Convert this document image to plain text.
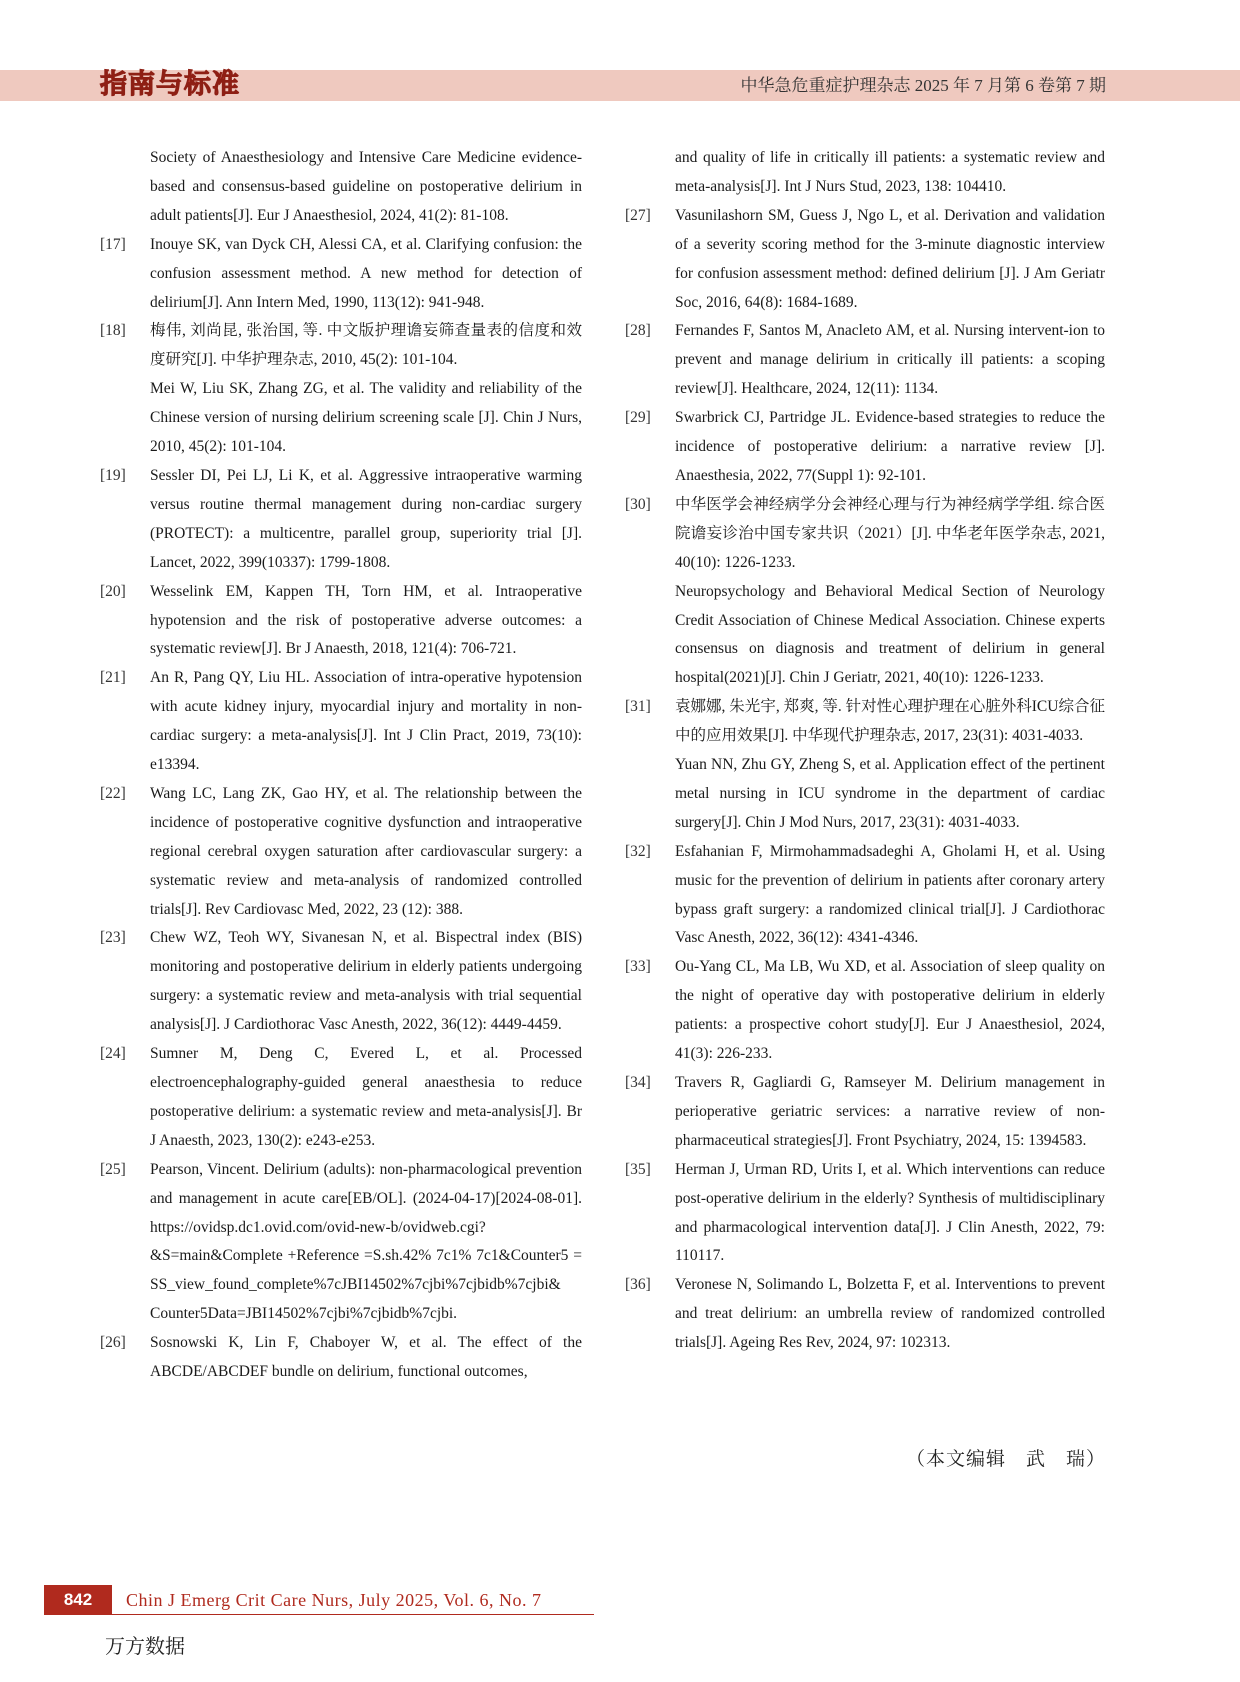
指南与标准	中华急危重症护理杂志 2025 年 7 月第 6 卷第 7 期
Society of Anaesthesiology and Intensive Care Medicine evidence-based and consensus-based guideline on postoperative delirium in adult patients[J]. Eur J Anaesthesiol, 2024, 41(2): 81-108.
[17]	Inouye SK, van Dyck CH, Alessi CA, et al. Clarifying confusion: the confusion assessment method. A new method for detection of delirium[J]. Ann Intern Med, 1990, 113(12): 941-948.
[18]	梅伟, 刘尚昆, 张治国, 等. 中文版护理谵妄筛查量表的信度和效度研究[J]. 中华护理杂志, 2010, 45(2): 101-104.
Mei W, Liu SK, Zhang ZG, et al. The validity and reliability of the Chinese version of nursing delirium screening scale [J]. Chin J Nurs, 2010, 45(2): 101-104.
[19]	Sessler DI, Pei LJ, Li K, et al. Aggressive intraoperative warming versus routine thermal management during non-cardiac surgery (PROTECT): a multicentre, parallel group, superiority trial [J]. Lancet, 2022, 399(10337): 1799-1808.
[20]	Wesselink EM, Kappen TH, Torn HM, et al. Intraoperative hypotension and the risk of postoperative adverse outcomes: a systematic review[J]. Br J Anaesth, 2018, 121(4): 706-721.
[21]	An R, Pang QY, Liu HL. Association of intra-operative hypotension with acute kidney injury, myocardial injury and mortality in non-cardiac surgery: a meta-analysis[J]. Int J Clin Pract, 2019, 73(10): e13394.
[22]	Wang LC, Lang ZK, Gao HY, et al. The relationship between the incidence of postoperative cognitive dysfunction and intraoperative regional cerebral oxygen saturation after cardiovascular surgery: a systematic review and meta-analysis of randomized controlled trials[J]. Rev Cardiovasc Med, 2022, 23 (12): 388.
[23]	Chew WZ, Teoh WY, Sivanesan N, et al. Bispectral index (BIS) monitoring and postoperative delirium in elderly patients undergoing surgery: a systematic review and meta-analysis with trial sequential analysis[J]. J Cardiothorac Vasc Anesth, 2022, 36(12): 4449-4459.
[24]	Sumner M, Deng C, Evered L, et al. Processed electroencephalography-guided general anaesthesia to reduce postoperative delirium: a systematic review and meta-analysis[J]. Br J Anaesth, 2023, 130(2): e243-e253.
[25]	Pearson, Vincent. Delirium (adults): non-pharmacological prevention and management in acute care[EB/OL]. (2024-04-17)[2024-08-01]. https://ovidsp.dc1.ovid.com/ovid-new-b/ovidweb.cgi?&S=main&Complete +Reference =S.sh.42% 7c1% 7c1&Counter5 = SS_view_found_complete%7cJBI14502%7cjbi%7cjbidb%7cjbi& Counter5Data=JBI14502%7cjbi%7cjbidb%7cjbi.
[26]	Sosnowski K, Lin F, Chaboyer W, et al. The effect of the ABCDE/ABCDEF bundle on delirium, functional outcomes,
and quality of life in critically ill patients: a systematic review and meta-analysis[J]. Int J Nurs Stud, 2023, 138: 104410.
[27]	Vasunilashorn SM, Guess J, Ngo L, et al. Derivation and validation of a severity scoring method for the 3-minute diagnostic interview for confusion assessment method: defined delirium [J]. J Am Geriatr Soc, 2016, 64(8): 1684-1689.
[28]	Fernandes F, Santos M, Anacleto AM, et al. Nursing intervent-ion to prevent and manage delirium in critically ill patients: a scoping review[J]. Healthcare, 2024, 12(11): 1134.
[29]	Swarbrick CJ, Partridge JL. Evidence-based strategies to reduce the incidence of postoperative delirium: a narrative review [J]. Anaesthesia, 2022, 77(Suppl 1): 92-101.
[30]	中华医学会神经病学分会神经心理与行为神经病学学组. 综合医院谵妄诊治中国专家共识（2021）[J]. 中华老年医学杂志, 2021, 40(10): 1226-1233.
Neuropsychology and Behavioral Medical Section of Neurology Credit Association of Chinese Medical Association. Chinese experts consensus on diagnosis and treatment of delirium in general hospital(2021)[J]. Chin J Geriatr, 2021, 40(10): 1226-1233.
[31]	袁娜娜, 朱光宇, 郑爽, 等. 针对性心理护理在心脏外科ICU综合征中的应用效果[J]. 中华现代护理杂志, 2017, 23(31): 4031-4033.
Yuan NN, Zhu GY, Zheng S, et al. Application effect of the pertinent metal nursing in ICU syndrome in the department of cardiac surgery[J]. Chin J Mod Nurs, 2017, 23(31): 4031-4033.
[32]	Esfahanian F, Mirmohammadsadeghi A, Gholami H, et al. Using music for the prevention of delirium in patients after coronary artery bypass graft surgery: a randomized clinical trial[J]. J Cardiothorac Vasc Anesth, 2022, 36(12): 4341-4346.
[33]	Ou-Yang CL, Ma LB, Wu XD, et al. Association of sleep quality on the night of operative day with postoperative delirium in elderly patients: a prospective cohort study[J]. Eur J Anaesthesiol, 2024, 41(3): 226-233.
[34]	Travers R, Gagliardi G, Ramseyer M. Delirium management in perioperative geriatric services: a narrative review of non-pharmaceutical strategies[J]. Front Psychiatry, 2024, 15: 1394583.
[35]	Herman J, Urman RD, Urits I, et al. Which interventions can reduce post-operative delirium in the elderly? Synthesis of multidisciplinary and pharmacological intervention data[J]. J Clin Anesth, 2022, 79: 110117.
[36]	Veronese N, Solimando L, Bolzetta F, et al. Interventions to prevent and treat delirium: an umbrella review of randomized controlled trials[J]. Ageing Res Rev, 2024, 97: 102313.
（本文编辑　武　瑞）
842	Chin J Emerg Crit Care Nurs, July 2025, Vol. 6, No. 7
万方数据
